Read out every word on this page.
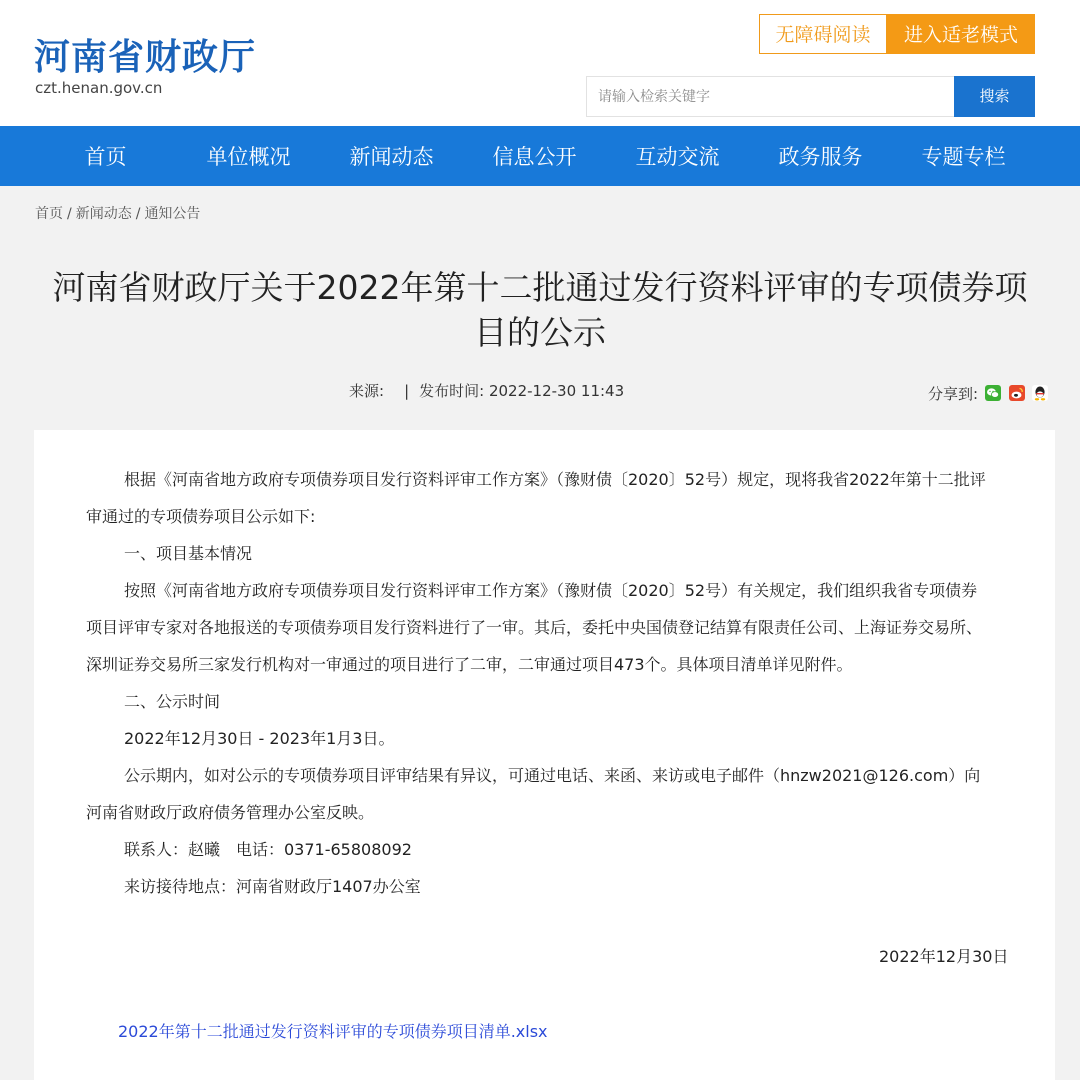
河南省财政厅
czt.henan.gov.cn
无障碍阅读	进入适老模式
请输入检索关键字
搜索
首页	单位概况	新闻动态	信息公开	互动交流	政务服务	专题专栏
首页 / 新闻动态 / 通知公告
河南省财政厅关于2022年第十二批通过发行资料评审的专项债券项
目的公示
来源: | 发布时间: 2022-12-30 11:43	分享到:
根据《河南省地方政府专项债券项目发行资料评审工作方案》（豫财债〔2020〕52号）规定，现将我省2022年第十二批评
审通过的专项债券项目公示如下:
一、项目基本情况
按照《河南省地方政府专项债券项目发行资料评审工作方案》（豫财债〔2020〕52号）有关规定，我们组织我省专项债券
项目评审专家对各地报送的专项债券项目发行资料进行了一审。其后，委托中央国债登记结算有限责任公司、上海证券交易所、
深圳证券交易所三家发行机构对一审通过的项目进行了二审，二审通过项目473个。具体项目清单详见附件。
二、公示时间
2022年12月30日 - 2023年1月3日。
公示期内，如对公示的专项债券项目评审结果有异议，可通过电话、来函、来访或电子邮件（hnzw2021@126.com）向
河南省财政厅政府债务管理办公室反映。
联系人：赵曦　电话：0371-65808092
来访接待地点：河南省财政厅1407办公室
2022年12月30日
2022年第十二批通过发行资料评审的专项债券项目清单.xlsx
